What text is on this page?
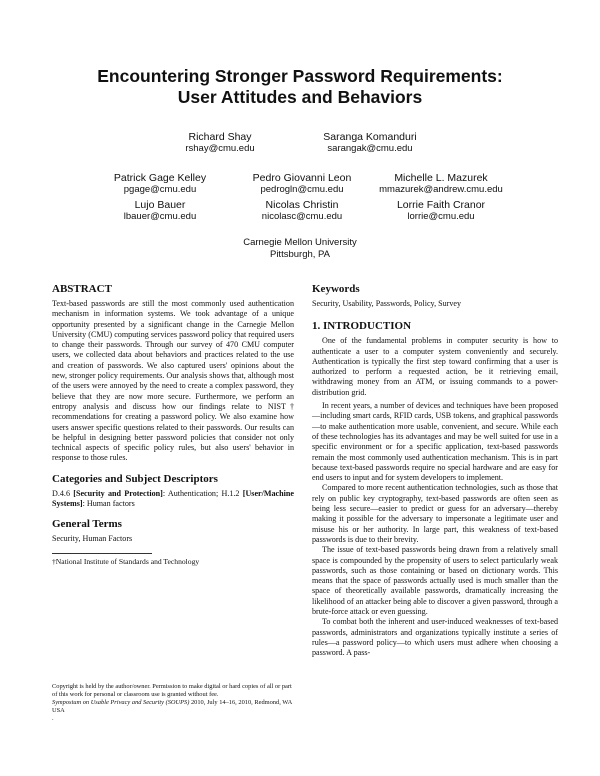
Encountering Stronger Password Requirements:
User Attitudes and Behaviors
Richard Shay
rshay@cmu.edu
Saranga Komanduri
sarangak@cmu.edu
Patrick Gage Kelley
pgage@cmu.edu
Pedro Giovanni Leon
pedrogln@cmu.edu
Michelle L. Mazurek
mmazurek@andrew.cmu.edu
Lujo Bauer
lbauer@cmu.edu
Nicolas Christin
nicolasc@cmu.edu
Lorrie Faith Cranor
lorrie@cmu.edu
Carnegie Mellon University
Pittsburgh, PA
ABSTRACT

Text-based passwords are still the most commonly used authentication mechanism in information systems. We took advantage of a unique opportunity presented by a significant change in the Carnegie Mellon University (CMU) computing services password policy that required users to change their passwords. Through our survey of 470 CMU computer users, we collected data about behaviors and practices related to the use and creation of passwords. We also captured users' opinions about the new, stronger policy requirements. Our analysis shows that, although most of the users were annoyed by the need to create a complex password, they believe that they are now more secure. Furthermore, we perform an entropy analysis and discuss how our findings relate to NIST† recommendations for creating a password policy. We also examine how users answer specific questions related to their passwords. Our results can be helpful in designing better password policies that consider not only technical aspects of specific policy rules, but also users' behavior in response to those rules.

Categories and Subject Descriptors

D.4.6 [Security and Protection]: Authentication; H.1.2 [User/Machine Systems]: Human factors

General Terms

Security, Human Factors

†National Institute of Standards and Technology
Copyright is held by the author/owner. Permission to make digital or hard copies of all or part of this work for personal or classroom use is granted without fee.
Symposium on Usable Privacy and Security (SOUPS) 2010, July 14–16, 2010, Redmond, WA USA
.
Keywords

Security, Usability, Passwords, Policy, Survey

1. INTRODUCTION

One of the fundamental problems in computer security is how to authenticate a user to a computer system conveniently and securely. Authentication is typically the first step toward confirming that a user is authorized to perform a requested action, be it retrieving email, withdrawing money from an ATM, or issuing commands to a power-distribution grid.

In recent years, a number of devices and techniques have been proposed—including smart cards, RFID cards, USB tokens, and graphical passwords—to make authentication more usable, convenient, and secure. While each of these technologies has its advantages and may be well suited for use in a specific environment or for a specific application, text-based passwords remain the most commonly used authentication mechanism. This is in part because text-based passwords require no special hardware and are easy for end users to input and for system developers to implement.

Compared to more recent authentication technologies, such as those that rely on public key cryptography, text-based passwords are often seen as being less secure—easier to predict or guess for an adversary—thereby making it possible for the adversary to impersonate a legitimate user and misuse his or her authority. In large part, this weakness of text-based passwords is due to their brevity.

The issue of text-based passwords being drawn from a relatively small space is compounded by the propensity of users to select particularly weak passwords, such as those containing or based on dictionary words. This means that the space of passwords actually used is much smaller than the space of theoretically available passwords, dramatically increasing the likelihood of an attacker being able to discover a given password, through a brute-force attack or even guessing.

To combat both the inherent and user-induced weaknesses of text-based passwords, administrators and organizations typically institute a series of rules—a password policy—to which users must adhere when choosing a password. A pass-
